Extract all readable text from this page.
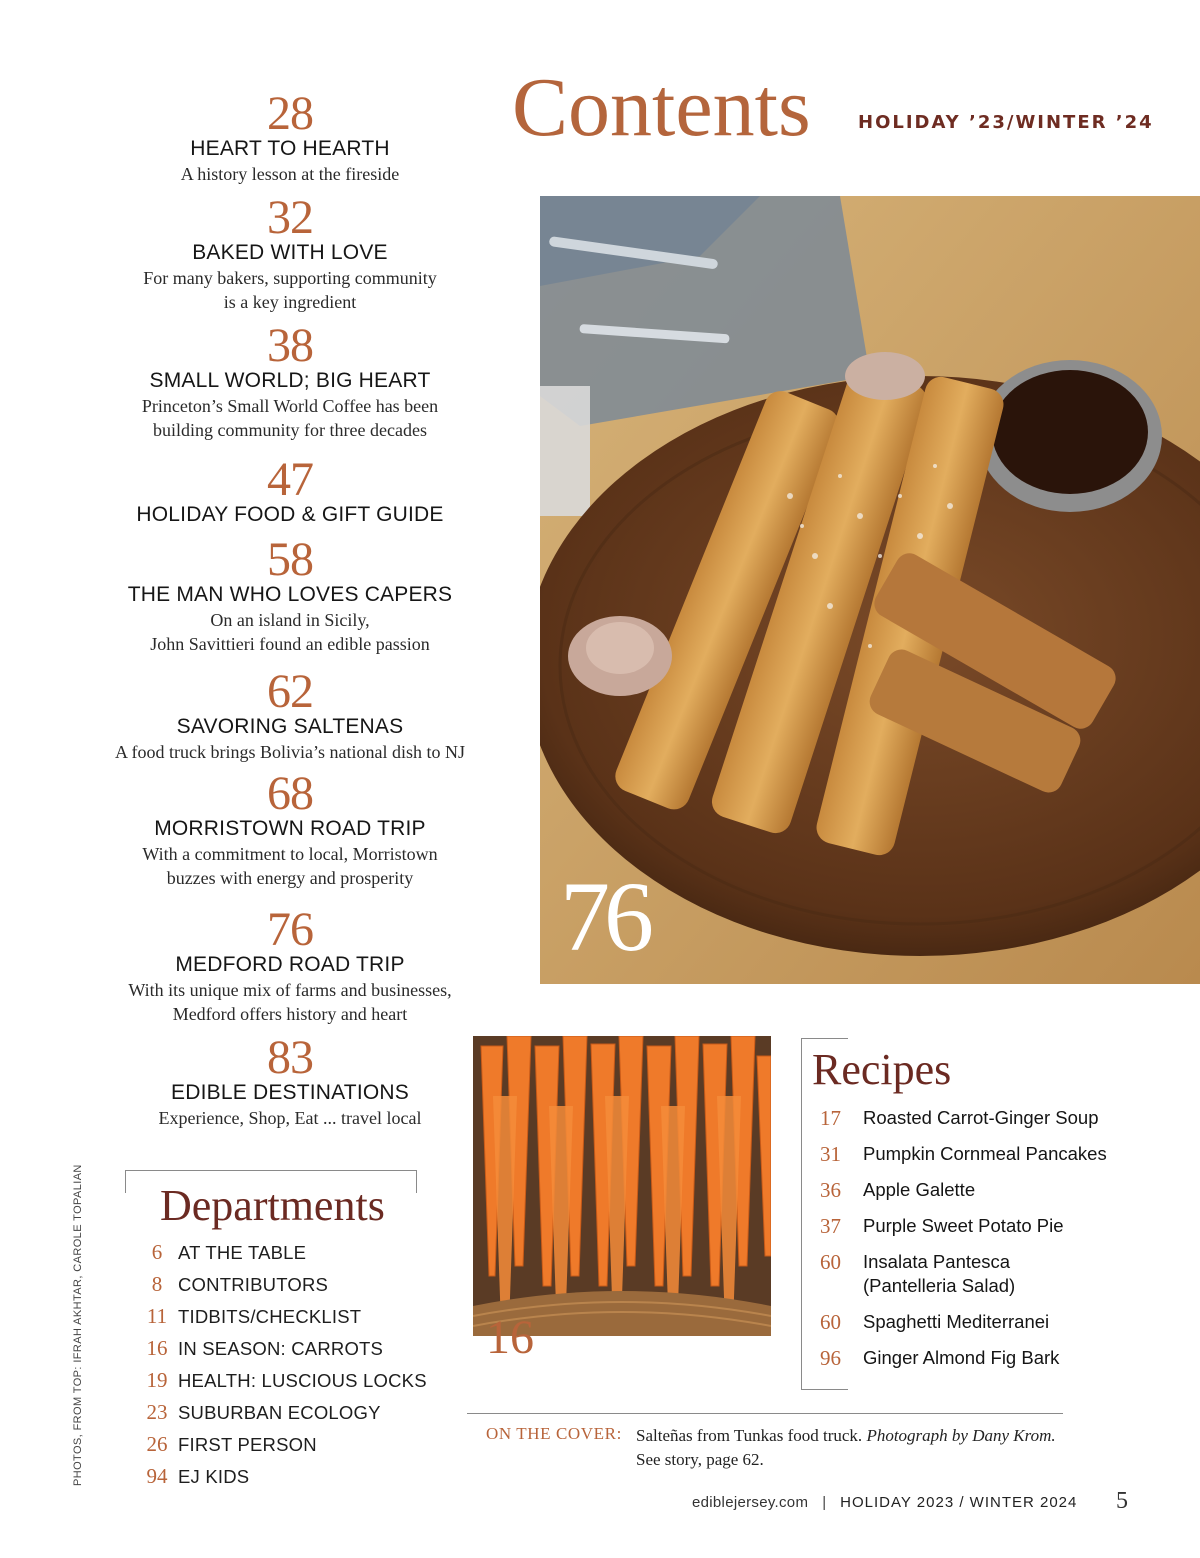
Contents	HOLIDAY ’23/WINTER ’24
28
HEART TO HEARTH
A history lesson at the fireside
32
BAKED WITH LOVE
For many bakers, supporting community
is a key ingredient
38
SMALL WORLD; BIG HEART
Princeton’s Small World Coffee has been
building community for three decades
47
HOLIDAY FOOD & GIFT GUIDE
58
THE MAN WHO LOVES CAPERS
On an island in Sicily,
John Savittieri found an edible passion
62
SAVORING SALTENAS
A food truck brings Bolivia’s national dish to NJ
68
MORRISTOWN ROAD TRIP
With a commitment to local, Morristown
buzzes with energy and prosperity
76
MEDFORD ROAD TRIP
With its unique mix of farms and businesses,
Medford offers history and heart
83
EDIBLE DESTINATIONS
Experience, Shop, Eat ... travel local
76
16
Recipes
17	Roasted Carrot-Ginger Soup
31	Pumpkin Cornmeal Pancakes
36	Apple Galette
37	Purple Sweet Potato Pie
60	Insalata Pantesca
(Pantelleria Salad)
60	Spaghetti Mediterranei
96	Ginger Almond Fig Bark
Departments
6 AT THE TABLE
8 CONTRIBUTORS
11 TIDBITS/CHECKLIST
16 IN SEASON: CARROTS
19 HEALTH: LUSCIOUS LOCKS
23 SUBURBAN ECOLOGY
26 FIRST PERSON
94 EJ KIDS
PHOTOS, FROM TOP: IFRAH AKHTAR, CAROLE TOPALIAN	ON THE COVER: Salteñas from Tunkas food truck. Photograph by Dany Krom.
See story, page 62.
ediblejersey.com | HOLIDAY 2023 / WINTER 2024 5
